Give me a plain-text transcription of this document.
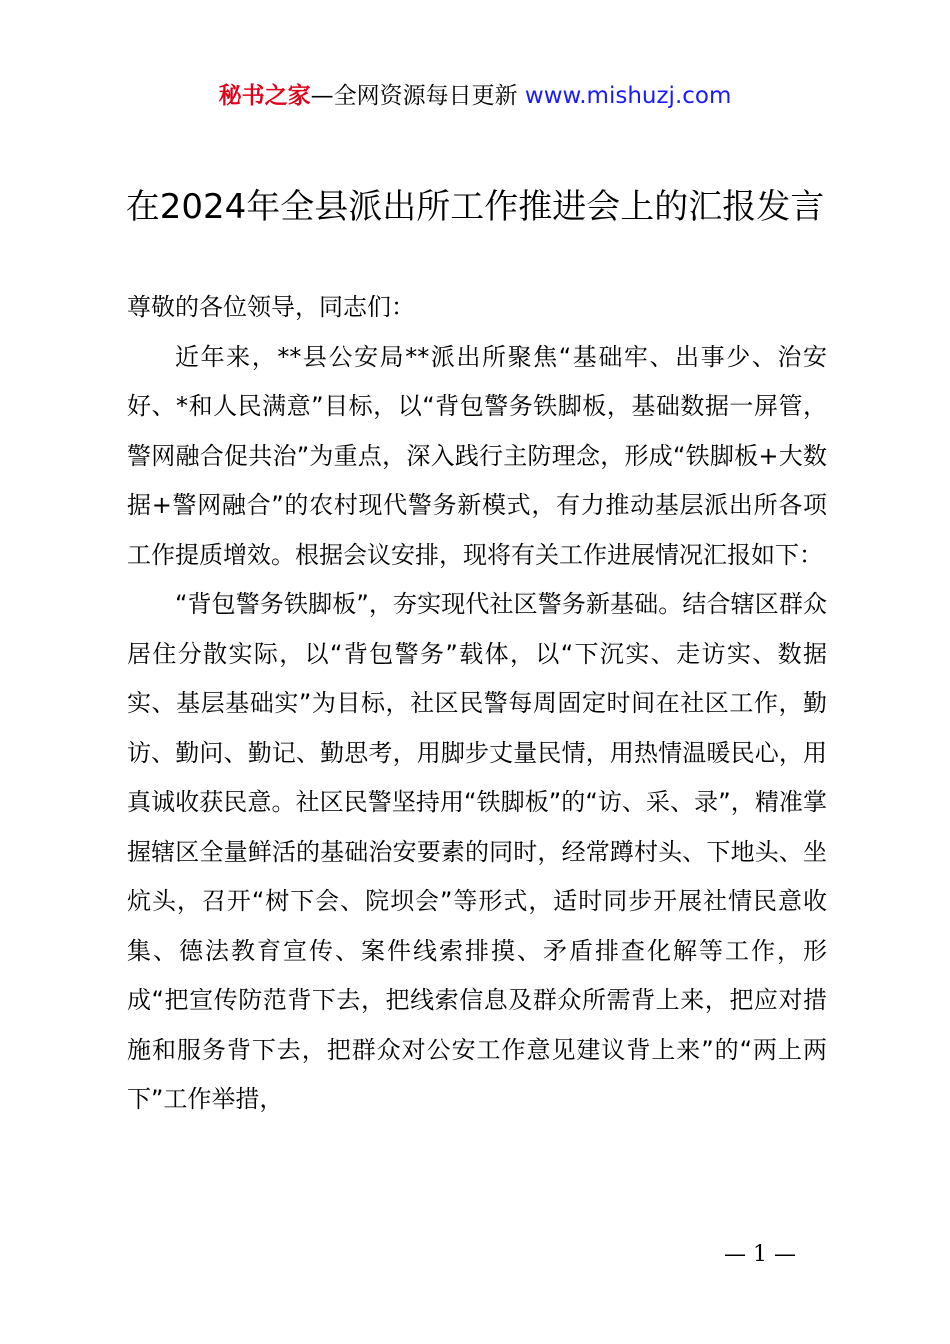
秘书之家—全网资源每日更新 www.mishuzj.com
在2024年全县派出所工作推进会上的汇报发言

尊敬的各位领导，同志们：

近年来，**县公安局**派出所聚焦“基础牢、出事少、治安好、*和人民满意”目标，以“背包警务铁脚板，基础数据一屏管，警网融合促共治”为重点，深入践行主防理念，形成“铁脚板+大数据+警网融合”的农村现代警务新模式，有力推动基层派出所各项工作提质增效。根据会议安排，现将有关工作进展情况汇报如下：

“背包警务铁脚板”，夯实现代社区警务新基础。结合辖区群众居住分散实际，以“背包警务”载体，以“下沉实、走访实、数据实、基层基础实”为目标，社区民警每周固定时间在社区工作，勤访、勤问、勤记、勤思考，用脚步丈量民情，用热情温暖民心，用真诚收获民意。社区民警坚持用“铁脚板”的“访、采、录”，精准掌握辖区全量鲜活的基础治安要素的同时，经常蹲村头、下地头、坐炕头，召开“树下会、院坝会”等形式，适时同步开展社情民意收集、德法教育宣传、案件线索排摸、矛盾排查化解等工作，形成“把宣传防范背下去，把线索信息及群众所需背上来，把应对措施和服务背下去，把群众对公安工作意见建议背上来”的“两上两下”工作举措，

— 1 —
